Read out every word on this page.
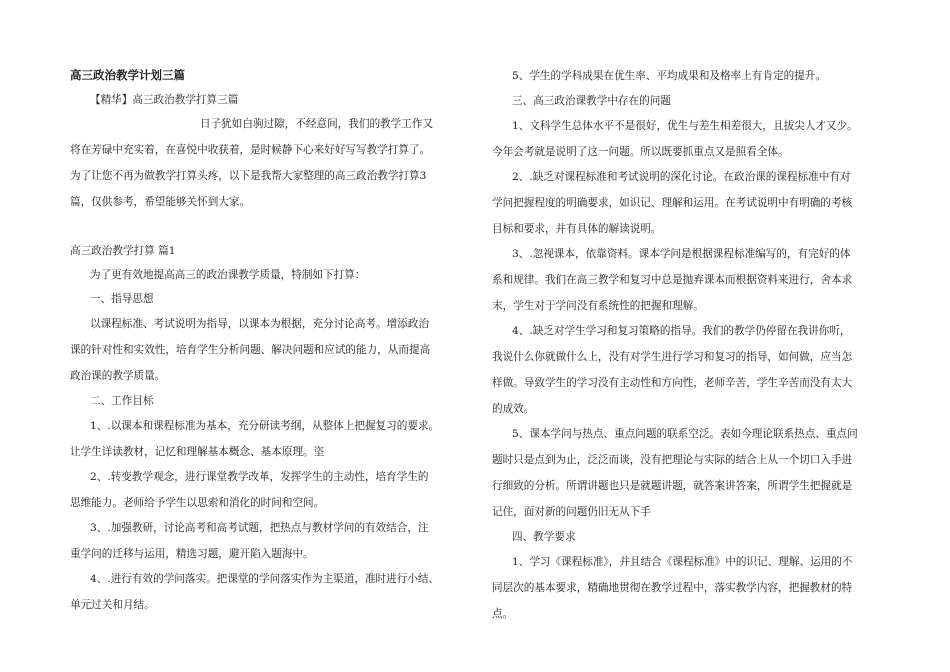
高三政治教学计划三篇
【精华】高三政治教学打算三篇
日子犹如白驹过隙，不经意间，我们的教学工作又
将在芳碌中充实着，在喜悦中收获着，是时候静下心来好好写写教学打算了。
为了让您不再为做教学打算头疼，以下是我帮大家整理的高三政治教学打算3
篇，仅供参考，希望能够关怀到大家。
高三政治教学打算 篇1
为了更有效地提高高三的政治课教学质量，特制如下打算：
一、指导思想
以课程标准、考试说明为指导，以课本为根据，充分讨论高考。增添政治
课的针对性和实效性，培育学生分析问题、解决问题和应试的能力，从而提高
政治课的教学质量。
二、工作目标
1、.以课本和课程标准为基本，充分研读考纲，从整体上把握复习的要求。
让学生详读教材，记忆和理解基本概念、基本原理。垐
2、.转变教学观念，进行课堂教学改革，发挥学生的主动性，培育学生的
思维能力。老师给予学生以思索和消化的时间和空间。
3、.加强教研，讨论高考和高考试题，把热点与教材学问的有效结合，注
重学问的迁移与运用，精选习题，避开陷入题海中。
4、.进行有效的学问落实。把课堂的学问落实作为主渠道，准时进行小结、
单元过关和月结。
5、学生的学科成果在优生率、平均成果和及格率上有肯定的提升。
三、高三政治课教学中存在的问题
1、文科学生总体水平不是很好，优生与差生相差很大，且拔尖人才又少。
今年会考就是说明了这一问题。所以既要抓重点又是照看全体。
2、.缺乏对课程标准和考试说明的深化讨论。在政治课的课程标准中有对
学问把握程度的明确要求，如识记、理解和运用。在考试说明中有明确的考核
目标和要求，并有具体的解读说明。
3、.忽视课本，依靠资料。课本学问是根据课程标准编写的，有完好的体
系和规律。我们在高三教学和复习中总是抛弃课本而根据资料来进行，舍本求
末，学生对于学问没有系统性的把握和理解。
4、.缺乏对学生学习和复习策略的指导。我们的教学仍停留在我讲你听，
我说什么你就做什么上，没有对学生进行学习和复习的指导，如何做，应当怎
样做。导致学生的学习没有主动性和方向性，老师辛苦，学生辛苦而没有太大
的成效。
5、课本学问与热点、重点问题的联系空泛。表如今理论联系热点、重点问
题时只是点到为止，泛泛而谈，没有把理论与实际的结合上从一个切口入手进
行细致的分析。所谓讲题也只是就题讲题，就答案讲答案，所谓学生把握就是
记住，面对新的问题仍旧无从下手
四、教学要求
1、学习《课程标准》，并且结合《课程标准》中的识记、理解、运用的不
同层次的基本要求，精确地贯彻在教学过程中，落实教学内容，把握教材的特
点。
